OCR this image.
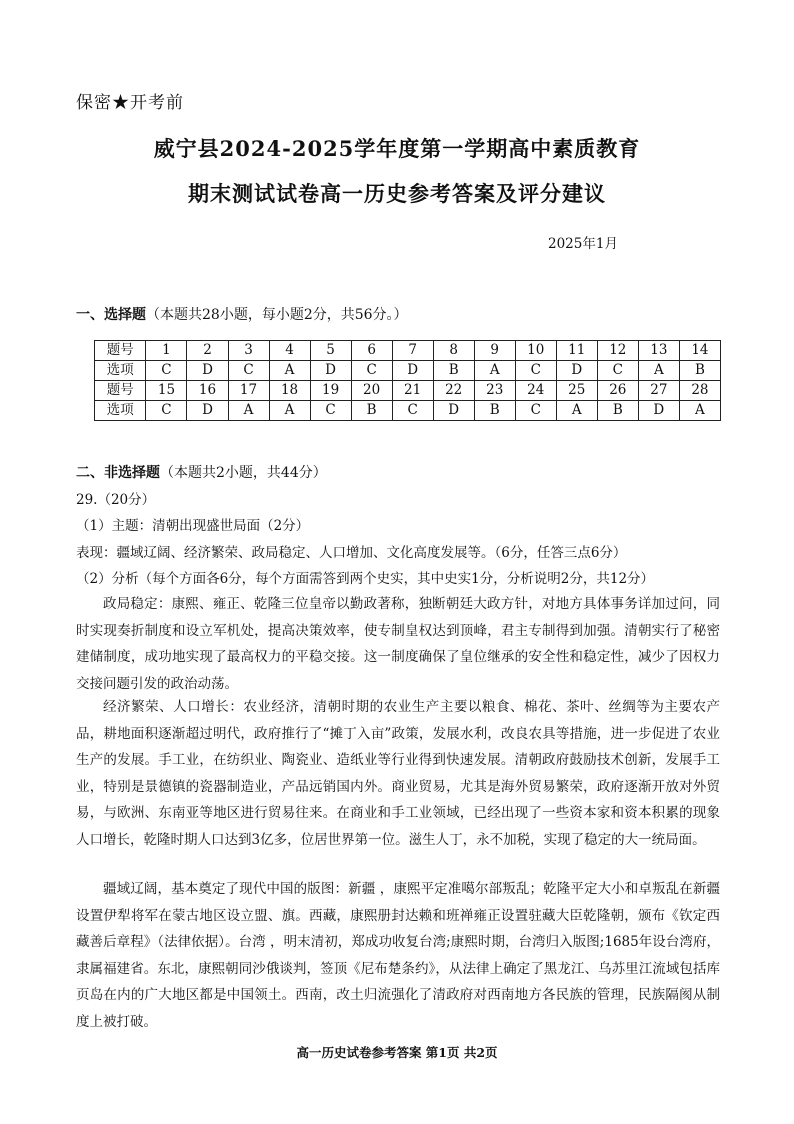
保密★开考前
威宁县2024-2025学年度第一学期高中素质教育
期末测试试卷高一历史参考答案及评分建议
2025年1月
一、选择题（本题共28小题，每小题2分，共56分。）
题号	1	2	3	4	5	6	7	8	9	10	11	12	13	14
选项	C	D	C	A	D	C	D	B	A	C	D	C	A	B
题号	15	16	17	18	19	20	21	22	23	24	25	26	27	28
选项	C	D	A	A	C	B	C	D	B	C	A	B	D	A
二、非选择题（本题共2小题，共44分）
29.（20分）
（1）主题：清朝出现盛世局面（2分）
表现：疆域辽阔、经济繁荣、政局稳定、人口增加、文化高度发展等。（6分，任答三点6分）
（2）分析（每个方面各6分，每个方面需答到两个史实，其中史实1分，分析说明2分，共12分）
政局稳定：康熙、雍正、乾隆三位皇帝以勤政著称，独断朝廷大政方针，对地方具体事务详加过问，同时实现奏折制度和设立军机处，提高决策效率，使专制皇权达到顶峰，君主专制得到加强。清朝实行了秘密建储制度，成功地实现了最高权力的平稳交接。这一制度确保了皇位继承的安全性和稳定性，减少了因权力交接问题引发的政治动荡。
经济繁荣、人口增长：农业经济，清朝时期的农业生产主要以粮食、棉花、茶叶、丝绸等为主要农产品，耕地面积逐渐超过明代，政府推行了“摊丁入亩”政策，发展水利，改良农具等措施，进一步促进了农业生产的发展。手工业，在纺织业、陶瓷业、造纸业等行业得到快速发展。清朝政府鼓励技术创新，发展手工业，特别是景德镇的瓷器制造业，产品远销国内外。商业贸易，尤其是海外贸易繁荣，政府逐渐开放对外贸易，与欧洲、东南亚等地区进行贸易往来。在商业和手工业领域，已经出现了一些资本家和资本积累的现象人口增长，乾隆时期人口达到3亿多，位居世界第一位。滋生人丁，永不加税，实现了稳定的大一统局面。
疆域辽阔，基本奠定了现代中国的版图：新疆 ，康熙平定准噶尔部叛乱；乾隆平定大小和卓叛乱在新疆设置伊犁将军在蒙古地区设立盟、旗。西藏，康熙册封达赖和班禅雍正设置驻藏大臣乾隆朝，颁布《钦定西藏善后章程》（法律依据）。台湾 ，明末清初，郑成功收复台湾;康熙时期，台湾归入版图;1685年设台湾府，隶属福建省。东北，康熙朝同沙俄谈判，签顶《尼布楚条约》，从法律上确定了黑龙江、乌苏里江流域包括库页岛在内的广大地区都是中国领土。西南，改土归流强化了清政府对西南地方各民族的管理，民族隔阂从制度上被打破。
高一历史试卷参考答案 第1页 共2页
